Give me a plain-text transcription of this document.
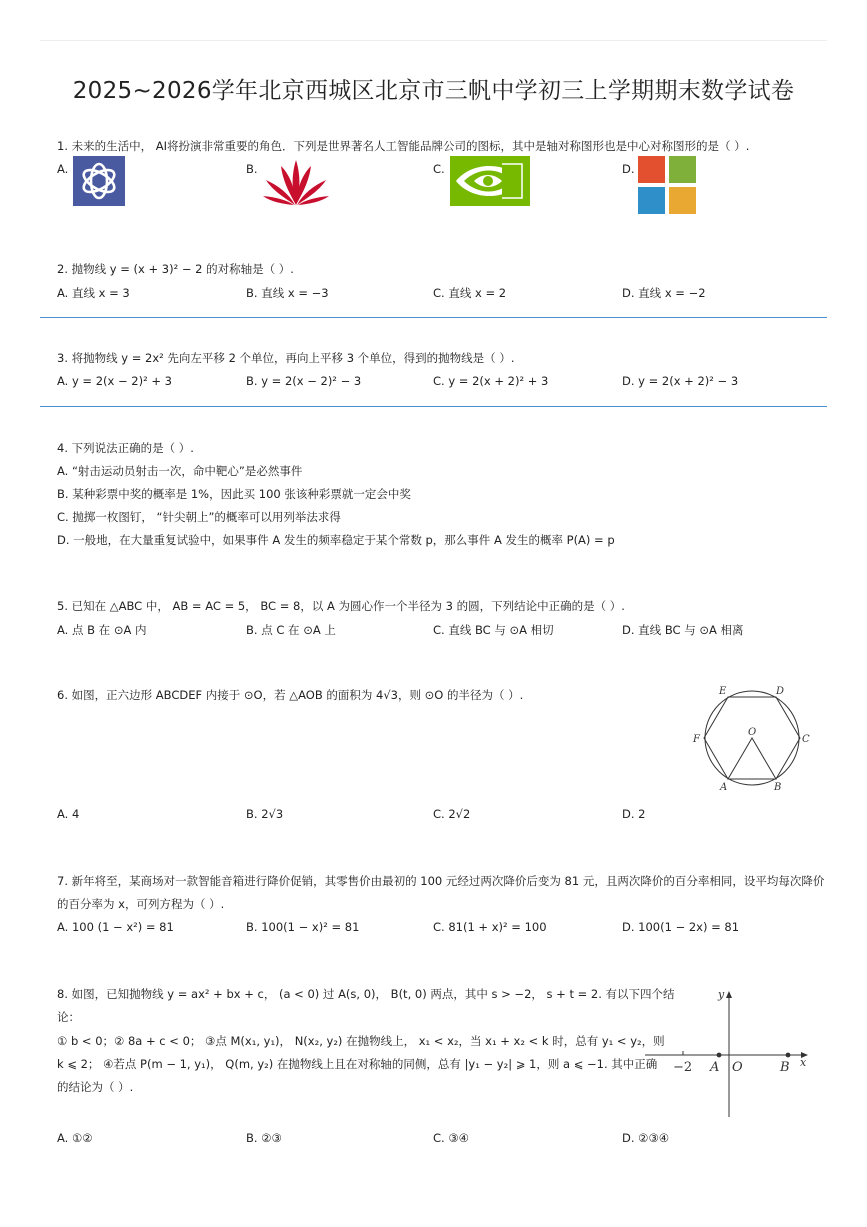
2025~2026学年北京西城区北京市三帆中学初三上学期期末数学试卷
1. 未来的生活中， AI将扮演非常重要的角色．下列是世界著名人工智能品牌公司的图标，其中是轴对称图形也是中心对称图形的是（ ）.
A.	B.	C.	D.
2. 抛物线 y = (x + 3)² − 2 的对称轴是（ ）.
A. 直线 x = 3	B. 直线 x = −3	C. 直线 x = 2	D. 直线 x = −2
3. 将抛物线 y = 2x² 先向左平移 2 个单位，再向上平移 3 个单位，得到的抛物线是（ ）.
A. y = 2(x − 2)² + 3	B. y = 2(x − 2)² − 3	C. y = 2(x + 2)² + 3	D. y = 2(x + 2)² − 3
4. 下列说法正确的是（ ）.
A. “射击运动员射击一次，命中靶心”是必然事件
B. 某种彩票中奖的概率是 1%，因此买 100 张该种彩票就一定会中奖
C. 抛掷一枚图钉， “针尖朝上”的概率可以用列举法求得
D. 一般地，在大量重复试验中，如果事件 A 发生的频率稳定于某个常数 p，那么事件 A 发生的概率 P(A) = p
5. 已知在 △ABC 中， AB = AC = 5， BC = 8，以 A 为圆心作一个半径为 3 的圆，下列结论中正确的是（ ）.
A. 点 B 在 ⊙A 内	B. 点 C 在 ⊙A 上	C. 直线 BC 与 ⊙A 相切	D. 直线 BC 与 ⊙A 相离
6. 如图，正六边形 ABCDEF 内接于 ⊙O，若 △AOB 的面积为 4√3，则 ⊙O 的半径为（ ）.	E	D
O
F	C
A	B
A. 4	B. 2√3	C. 2√2	D. 2
7. 新年将至，某商场对一款智能音箱进行降价促销，其零售价由最初的 100 元经过两次降价后变为 81 元，且两次降价的百分率相同，设平均每次降价
的百分率为 x，可列方程为（ ）.
A. 100 (1 − x²) = 81	B. 100(1 − x)² = 81	C. 81(1 + x)² = 100	D. 100(1 − 2x) = 81
8. 如图，已知抛物线 y = ax² + bx + c， (a < 0) 过 A(s, 0)， B(t, 0) 两点，其中 s > −2， s + t = 2. 有以下四个结
论：
① b < 0；② 8a + c < 0； ③点 M(x₁, y₁)， N(x₂, y₂) 在抛物线上， x₁ < x₂，当 x₁ + x₂ < k 时，总有 y₁ < y₂，则
k ⩽ 2； ④若点 P(m − 1, y₁)， Q(m, y₂) 在抛物线上且在对称轴的同侧，总有 |y₁ − y₂| ⩾ 1，则 a ⩽ −1. 其中正确
的结论为（ ）.
y
x
−2 A O	B
A. ①②	B. ②③	C. ③④	D. ②③④
